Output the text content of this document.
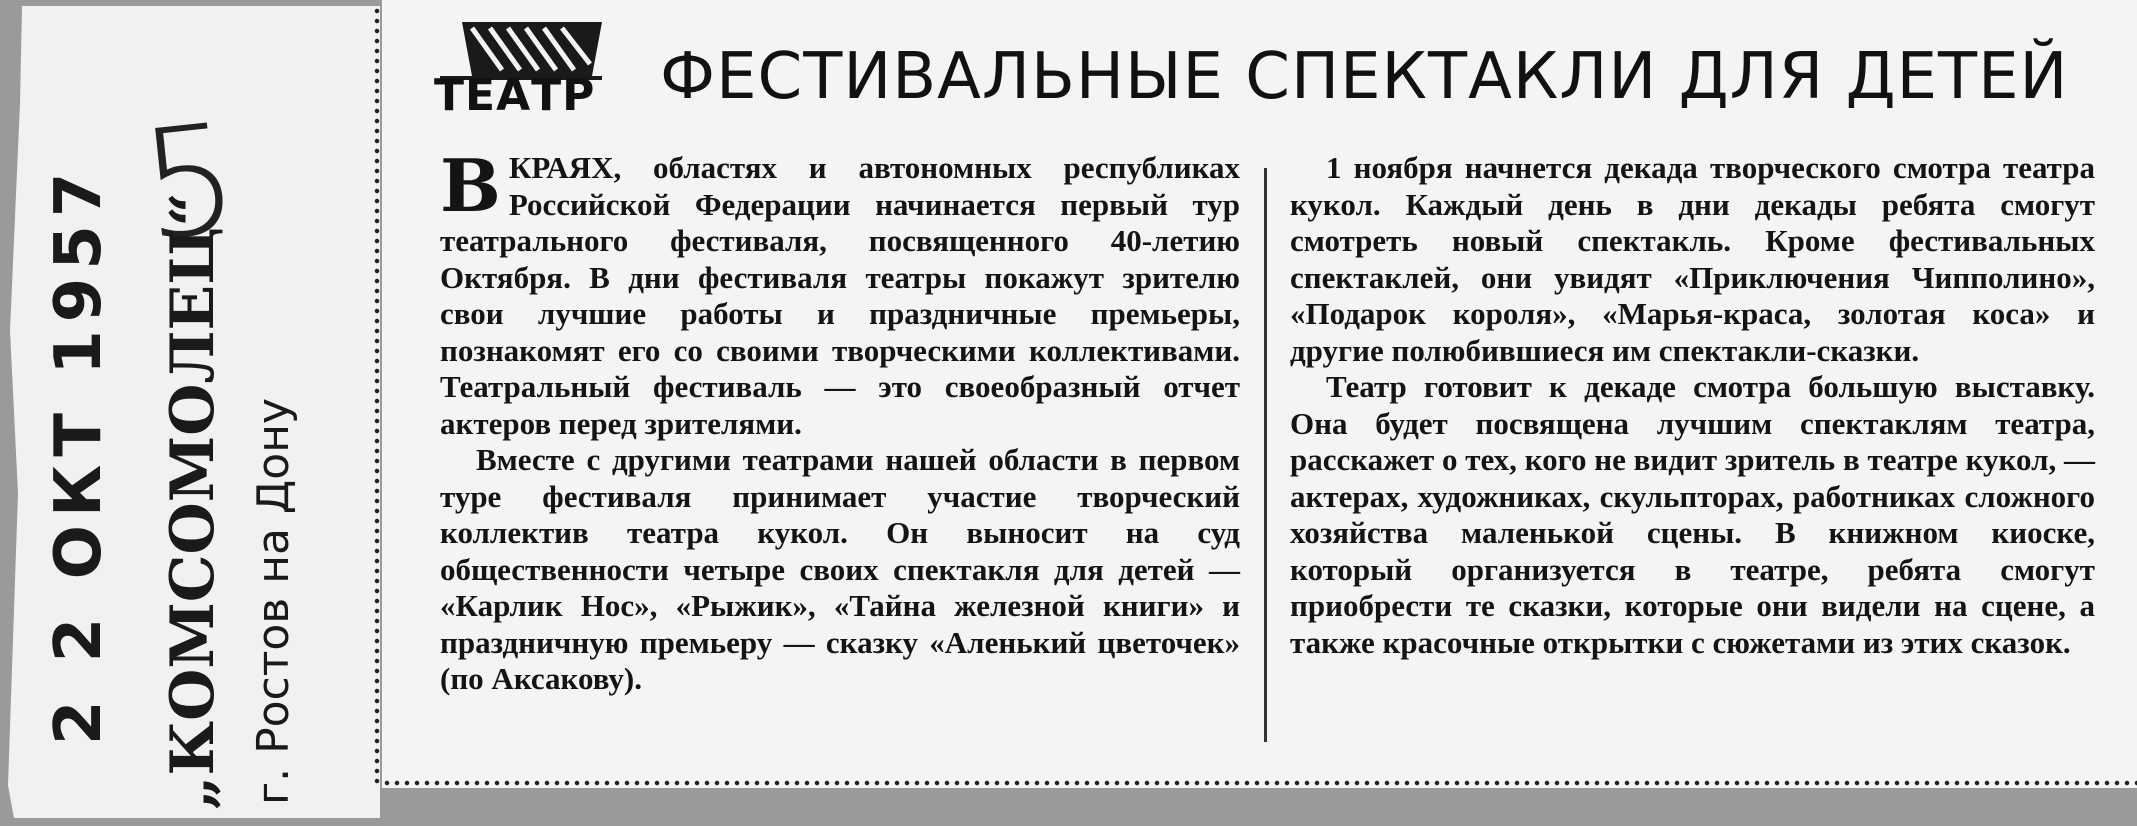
5
2 2 ОКТ 1957 „КОМСОМОЛЕЦ“ г. Ростов на Дону
ТЕАТР ФЕСТИВАЛЬНЫЕ СПЕКТАКЛИ ДЛЯ ДЕТЕЙ

ВКРАЯХ, областях и автономных республиках Российской Федерации начинается первый тур театрального фестиваля, посвященного 40-летию Октября. В дни фестиваля театры покажут зрителю свои лучшие работы и праздничные премьеры, познакомят его со своими творческими коллективами. Театральный фестиваль — это своеобразный отчет актеров перед зрителями.

Вместе с другими театрами нашей области в первом туре фестиваля принимает участие творческий коллектив театра кукол. Он выносит на суд общественности четыре своих спектакля для детей — «Карлик Нос», «Рыжик», «Тайна железной книги» и праздничную премьеру — сказку «Аленький цветочек» (по Аксакову).

1 ноября начнется декада творческого смотра театра кукол. Каждый день в дни декады ребята смогут смотреть новый спектакль. Кроме фестивальных спектаклей, они увидят «Приключения Чипполино», «Подарок короля», «Марья-краса, золотая коса» и другие полюбившиеся им спектакли-сказки.

Театр готовит к декаде смотра большую выставку. Она будет посвящена лучшим спектаклям театра, расскажет о тех, кого не видит зритель в театре кукол, — актерах, художниках, скульпторах, работниках сложного хозяйства маленькой сцены. В книжном киоске, который организуется в театре, ребята смогут приобрести те сказки, которые они видели на сцене, а также красочные открытки с сюжетами из этих сказок.
